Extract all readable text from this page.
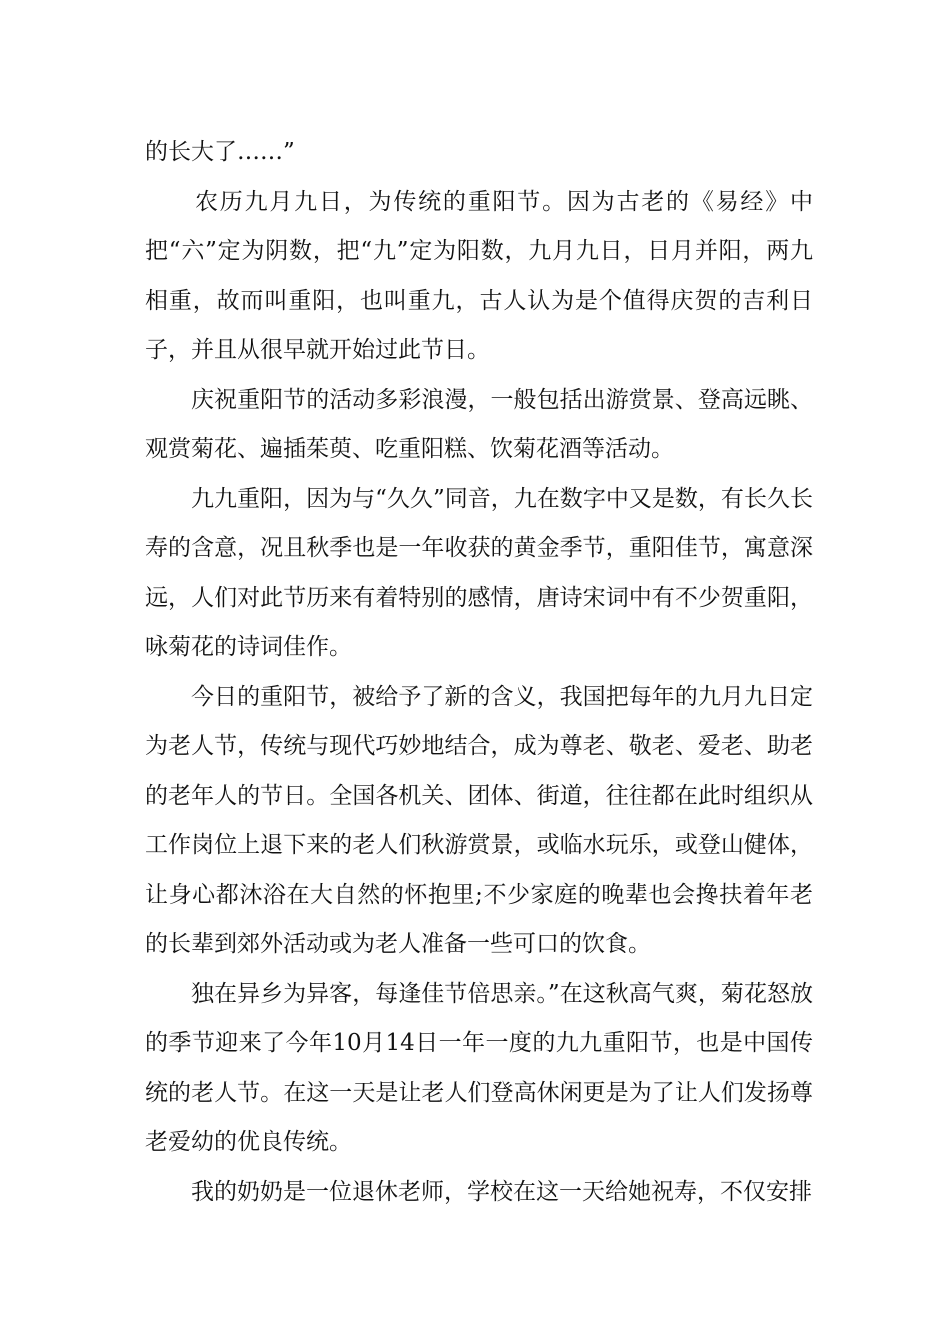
的长大了……”

农历九月九日，为传统的重阳节。因为古老的《易经》中把“六”定为阴数，把“九”定为阳数，九月九日，日月并阳，两九相重，故而叫重阳，也叫重九，古人认为是个值得庆贺的吉利日子，并且从很早就开始过此节日。

庆祝重阳节的活动多彩浪漫，一般包括出游赏景、登高远眺、观赏菊花、遍插茱萸、吃重阳糕、饮菊花酒等活动。

九九重阳，因为与“久久”同音，九在数字中又是数，有长久长寿的含意，况且秋季也是一年收获的黄金季节，重阳佳节，寓意深远，人们对此节历来有着特别的感情，唐诗宋词中有不少贺重阳，咏菊花的诗词佳作。

今日的重阳节，被给予了新的含义，我国把每年的九月九日定为老人节，传统与现代巧妙地结合，成为尊老、敬老、爱老、助老的老年人的节日。全国各机关、团体、街道，往往都在此时组织从工作岗位上退下来的老人们秋游赏景，或临水玩乐，或登山健体，让身心都沐浴在大自然的怀抱里;不少家庭的晚辈也会搀扶着年老的长辈到郊外活动或为老人准备一些可口的饮食。

独在异乡为异客，每逢佳节倍思亲。”在这秋高气爽，菊花怒放的季节迎来了今年10月14日一年一度的九九重阳节，也是中国传统的老人节。在这一天是让老人们登高休闲更是为了让人们发扬尊老爱幼的优良传统。

我的奶奶是一位退休老师，学校在这一天给她祝寿，不仅安排
